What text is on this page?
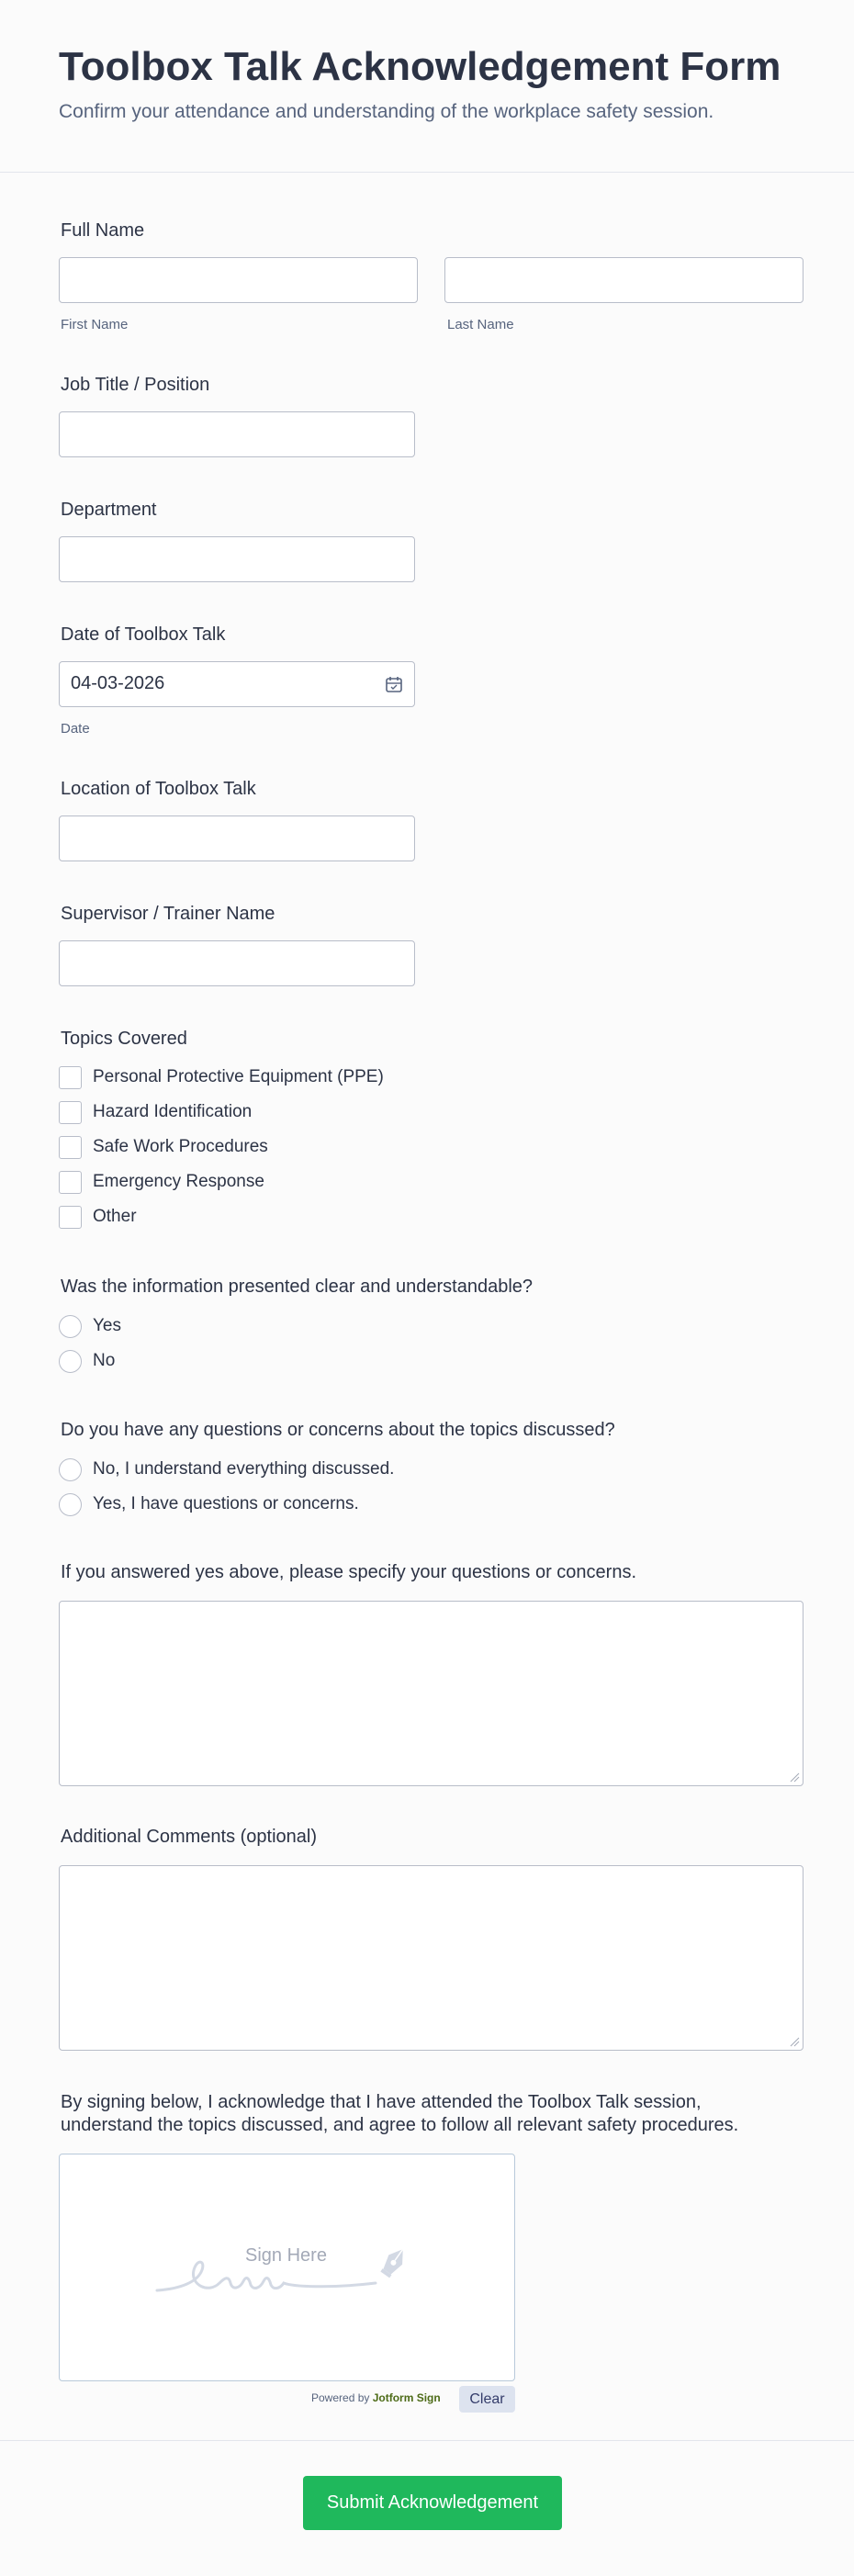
Toolbox Talk Acknowledgement Form
Confirm your attendance and understanding of the workplace safety session.
Full Name
First Name	Last Name
Job Title / Position
Department
Date of Toolbox Talk
04-03-2026
Date
Location of Toolbox Talk
Supervisor / Trainer Name
Topics Covered
Personal Protective Equipment (PPE)
Hazard Identification
Safe Work Procedures
Emergency Response
Other
Was the information presented clear and understandable?
Yes
No
Do you have any questions or concerns about the topics discussed?
No, I understand everything discussed.
Yes, I have questions or concerns.
If you answered yes above, please specify your questions or concerns.
Additional Comments (optional)
By signing below, I acknowledge that I have attended the Toolbox Talk session,
understand the topics discussed, and agree to follow all relevant safety procedures.
Sign Here
Powered by Jotform Sign	Clear
Submit Acknowledgement
